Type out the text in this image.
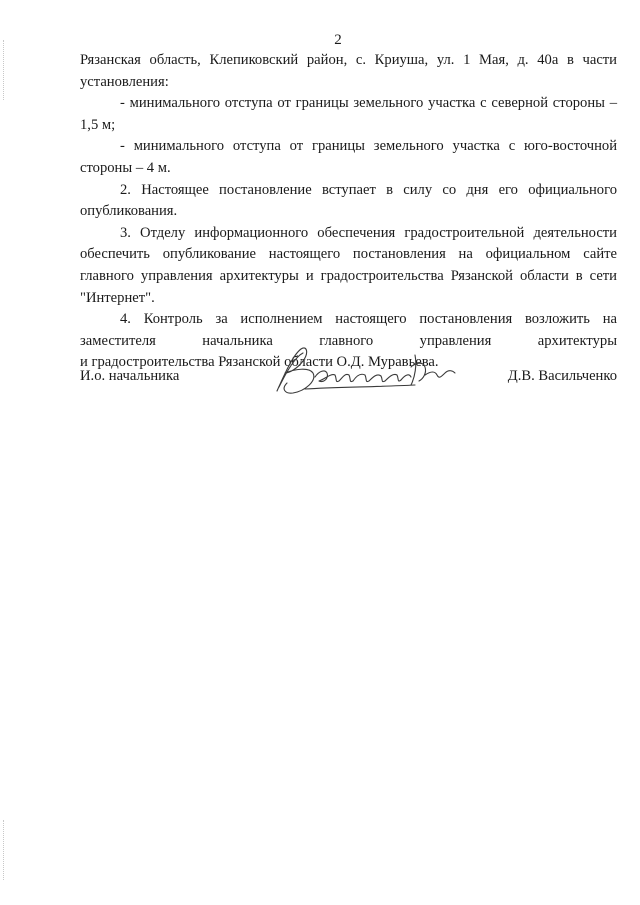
2

Рязанская область, Клепиковский район, с. Криуша, ул. 1 Мая, д. 40а в части установления:

- минимального отступа от границы земельного участка с северной стороны – 1,5 м;

- минимального отступа от границы земельного участка с юго-восточной стороны – 4 м.

2. Настоящее постановление вступает в силу со дня его официального опубликования.

3. Отделу информационного обеспечения градостроительной деятельности обеспечить опубликование настоящего постановления на официальном сайте главного управления архитектуры и градостроительства Рязанской области в сети "Интернет".

4. Контроль за исполнением настоящего постановления возложить на заместителя начальника главного управления архитектуры

и градостроительства Рязанской области О.Д. Муравьева.

И.о. начальника	Д.В. Васильченко
